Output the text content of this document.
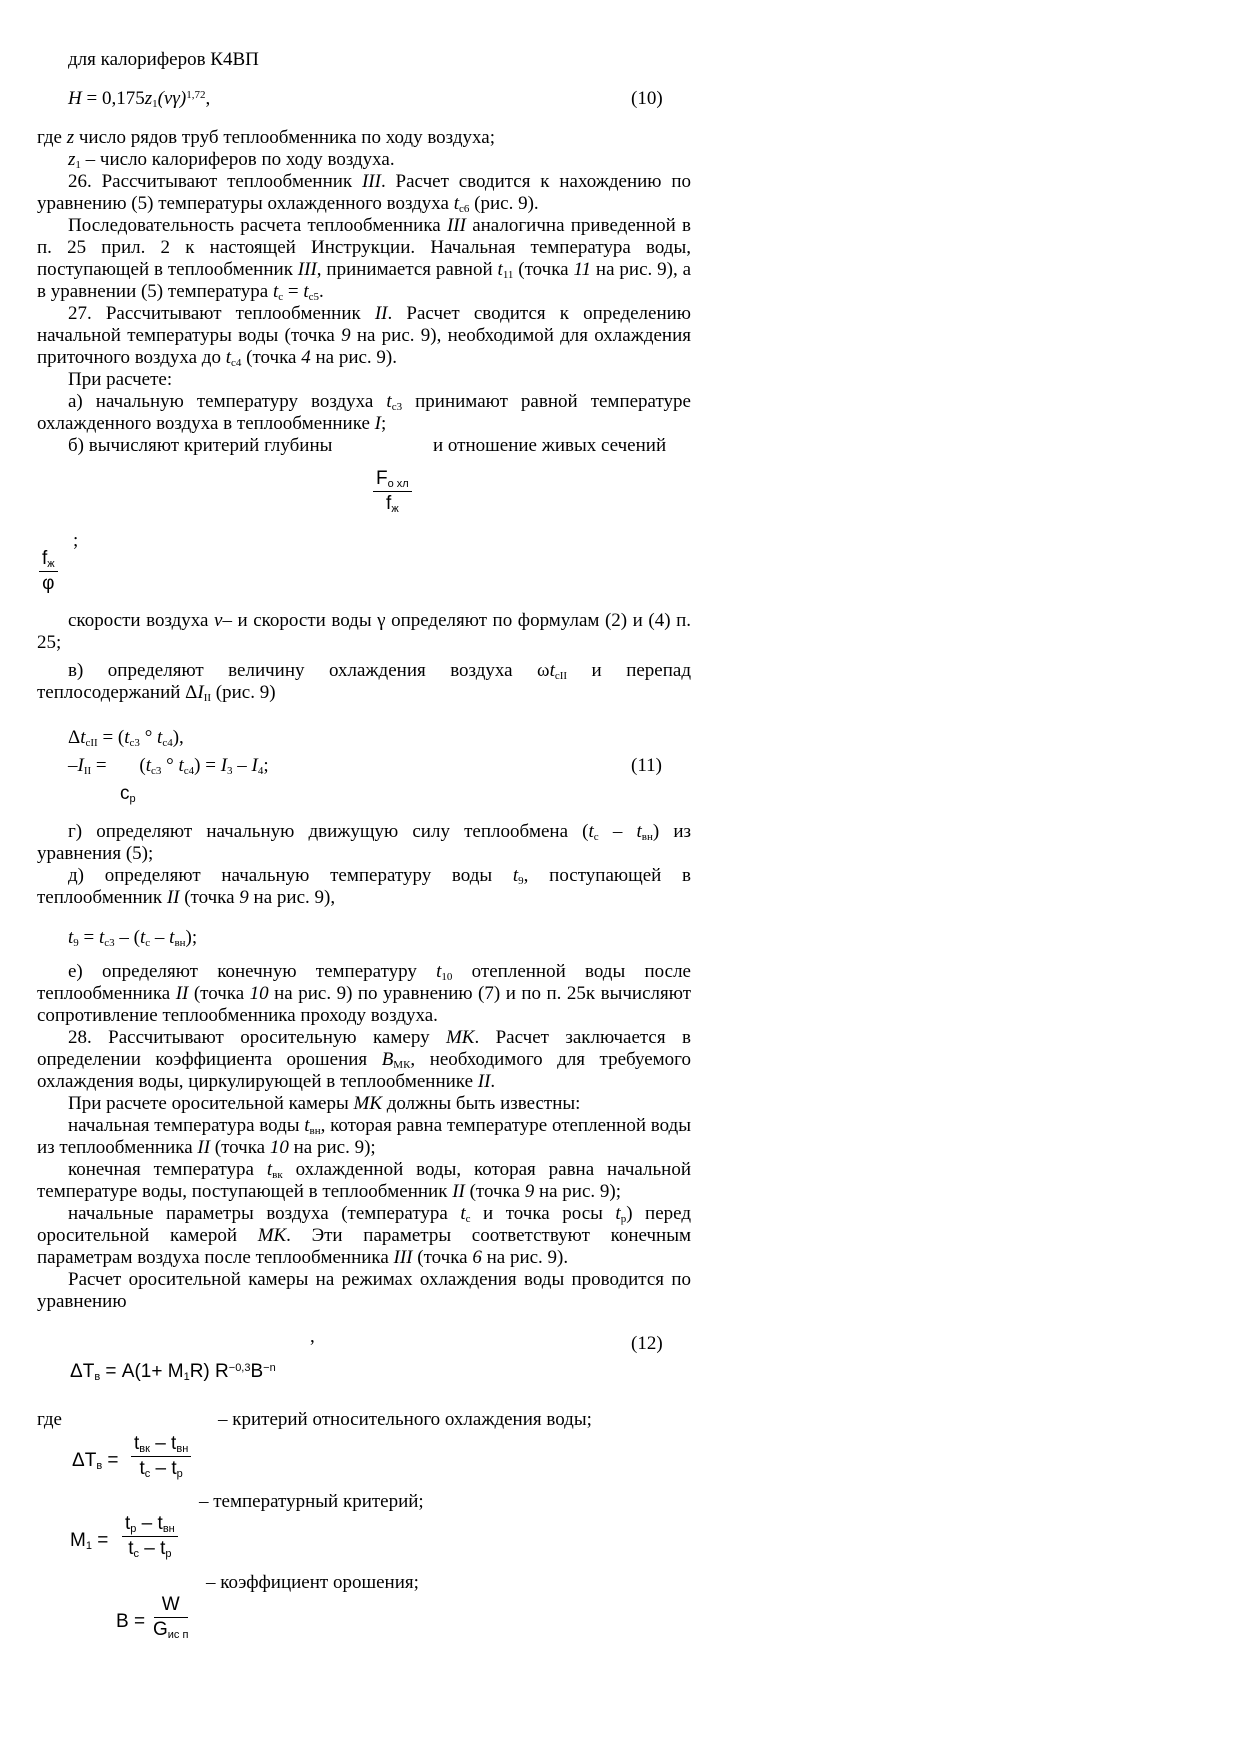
для калориферов К4ВП
$H = 0,175z_1(v\gamma)^{1,72}$,	(10)
где z число рядов труб теплообменника по ходу воздуха;
$z_1$ – число калориферов по ходу воздуха.
26. Рассчитывают теплообменник III. Расчет сводится к нахождению по уравнению (5) температуры охлажденного воздуха $t_{с6}$ (рис. 9).
Последовательность расчета теплообменника III аналогична приведенной в п. 25 прил. 2 к настоящей Инструкции. Начальная температура воды, поступающей в теплообменник III, принимается равной $t_{11}$ (точка 11 на рис. 9), а в уравнении (5) температура $t_с = t_{с5}$.
27. Рассчитывают теплообменник II. Расчет сводится к определению начальной температуры воды (точка 9 на рис. 9), необходимой для охлаждения приточного воздуха до $t_{с4}$ (точка 4 на рис. 9).
При расчете:
а) начальную температуру воздуха $t_{с3}$ принимают равной температуре охлажденного воздуха в теплообменнике I;
б) вычисляют критерий глубины	и отношение живых сечений
$F_{о хл}$
$f_ж$
;
$f_ж$
φ
скорости воздуха v– и скорости воды γ определяют по формулам (2) и (4) п. 25;
в) определяют величину охлаждения воздуха $\omega t_{сII}$ и перепад теплосодержаний $\Delta I_{II}$ (рис. 9)
$\Delta t_{сII} = (t_{с3}$ ° $t_{с4}$),
$-I_{II} = (t_{с3}$ ° $t_{с4}) = I_3 - I_4$;	(11)
$c_р$
г) определяют начальную движущую силу теплообмена $(t_с - t_{вн})$ из уравнения (5);
д) определяют начальную температуру воды $t_9$, поступающей в теплообменник II (точка 9 на рис. 9),
$t_9 = t_{с3} - (t_с - t_{вн})$;
е) определяют конечную температуру $t_{10}$ отепленной воды после теплообменника II (точка 10 на рис. 9) по уравнению (7) и по п. 25к вычисляют сопротивление теплообменника проходу воздуха.
28. Рассчитывают оросительную камеру МК. Расчет заключается в определении коэффициента орошения $B_{МК}$, необходимого для требуемого охлаждения воды, циркулирующей в теплообменнике II.
При расчете оросительной камеры МК должны быть известны:
начальная температура воды $t_{вн}$, которая равна температуре отепленной воды из теплообменника II (точка 10 на рис. 9);
конечная температура $t_{вк}$ охлажденной воды, которая равна начальной температуре воды, поступающей в теплообменник II (точка 9 на рис. 9);
начальные параметры воздуха (температура $t_с$ и точка росы $t_р$) перед оросительной камерой МК. Эти параметры соответствуют конечным параметрам воздуха после теплообменника III (точка 6 на рис. 9).
Расчет оросительной камеры на режимах охлаждения воды проводится по уравнению
,	(12)
$\Delta T_в = A(1+ M_1R)$ $R^{-0,3}B^{-n}$
где	– критерий относительного охлаждения воды;
$\Delta T_в$ =
$t_{вк} - t_{вн}$
$t_с - t_р$
– температурный критерий;
$M_1$ =
$t_р - t_{вн}$
$t_с - t_р$
– коэффициент орошения;
B =
W
$G_{ис п}$
